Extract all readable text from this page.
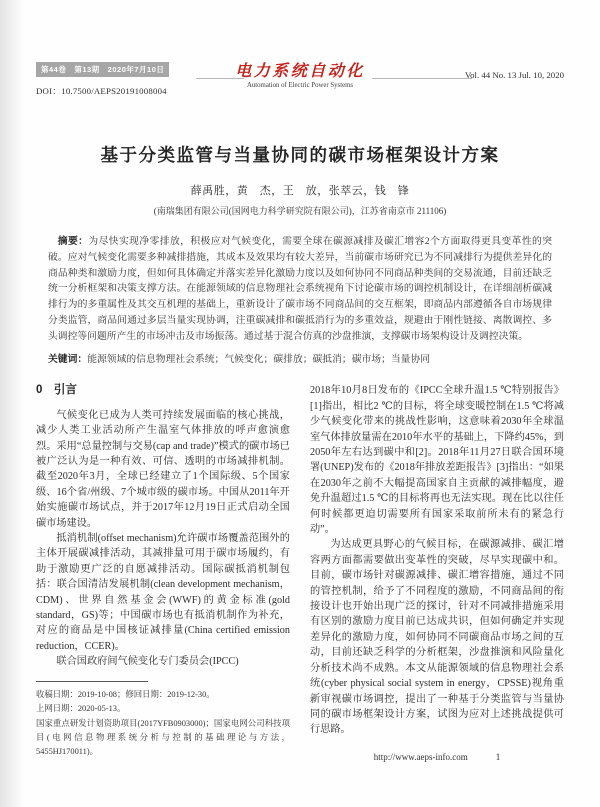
第44卷　第13期　2020年7月10日
DOI：10.7500/AEPS20191008004
电力系统自动化
Automation of Electric Power Systems
Vol. 44 No. 13 Jul. 10, 2020
基于分类监管与当量协同的碳市场框架设计方案
薛禹胜，黄　杰，王　放，张萃云，钱　锋
(南瑞集团有限公司(国网电力科学研究院有限公司)，江苏省南京市 211106)

摘要：为尽快实现净零排放，积极应对气候变化，需要全球在碳源减排及碳汇增容2个方面取得更具变革性的突破。应对气候变化需要多种减排措施，其成本及效果均有较大差异，当前碳市场研究已为不同减排行为提供差异化的商品种类和激励力度，但如何具体确定并落实差异化激励力度以及如何协同不同商品种类间的交易流通，目前还缺乏统一分析框架和决策支撑方法。在能源领域的信息物理社会系统视角下讨论碳市场的调控机制设计，在详细剖析碳减排行为的多重属性及其交互机理的基础上，重新设计了碳市场不同商品间的交互框架，即商品内部遵循各自市场规律分类监管，商品间通过多层当量实现协调，注重碳减排和碳抵消行为的多重效益，规避由于刚性链接、离散调控、多头调控等问题所产生的市场冲击及市场振荡。通过基于混合仿真的沙盘推演，支撑碳市场架构设计及调控决策。

关键词：能源领域的信息物理社会系统；气候变化；碳排放；碳抵消；碳市场；当量协同
0　引言

气候变化已成为人类可持续发展面临的核心挑战，减少人类工业活动所产生温室气体排放的呼声愈演愈烈。采用“总量控制与交易(cap and trade)”模式的碳市场已被广泛认为是一种有效、可信、透明的市场减排机制。截至2020年3月，全球已经建立了1个国际级、5个国家级、16个省/州级、7个城市级的碳市场。中国从2011年开始实施碳市场试点，并于2017年12月19日正式启动全国碳市场建设。

抵消机制(offset mechanism)允许碳市场覆盖范围外的主体开展碳减排活动，其减排量可用于碳市场履约，有助于激励更广泛的自愿减排活动。国际碳抵消机制包括：联合国清洁发展机制(clean development mechanism，CDM)、世界自然基金会(WWF)的黄金标准(gold standard，GS)等；中国碳市场也有抵消机制作为补充，对应的商品是中国核证减排量(China certified emission reduction，CCER)。

联合国政府间气候变化专门委员会(IPCC)

收稿日期：2019-10-08；修回日期：2019-12-30。

上网日期：2020-05-13。

国家重点研发计划资助项目(2017YFB0903000)；国家电网公司科技项目(电网信息物理系统分析与控制的基础理论与方法，5455HJ170011)。

2018年10月8日发布的《IPCC全球升温1.5 ℃特别报告》[1]指出，相比2 ℃的目标，将全球变暖控制在1.5 ℃将减少气候变化带来的挑战性影响，这意味着2030年全球温室气体排放量需在2010年水平的基础上，下降约45%，到2050年左右达到碳中和[2]。2018年11月27日联合国环境署(UNEP)发布的《2018年排放差距报告》[3]指出：“如果在2030年之前不大幅提高国家自主贡献的减排幅度，避免升温超过1.5 ℃的目标将再也无法实现。现在比以往任何时候都更迫切需要所有国家采取前所未有的紧急行动”。

为达成更具野心的气候目标，在碳源减排、碳汇增容两方面都需要做出变革性的突破，尽早实现碳中和。目前，碳市场针对碳源减排、碳汇增容措施，通过不同的管控机制，给予了不同程度的激励，不同商品间的衔接设计也开始出现广泛的探讨，针对不同减排措施采用有区别的激励力度目前已达成共识，但如何确定并实现差异化的激励力度，如何协同不同碳商品市场之间的互动，目前还缺乏科学的分析框架，沙盘推演和风险量化分析技术尚不成熟。本文从能源领域的信息物理社会系统(cyber physical social system in energy，CPSSE)视角重新审视碳市场调控，提出了一种基于分类监管与当量协同的碳市场框架设计方案，试图为应对上述挑战提供可行思路。

http://www.aeps-info.com	1
